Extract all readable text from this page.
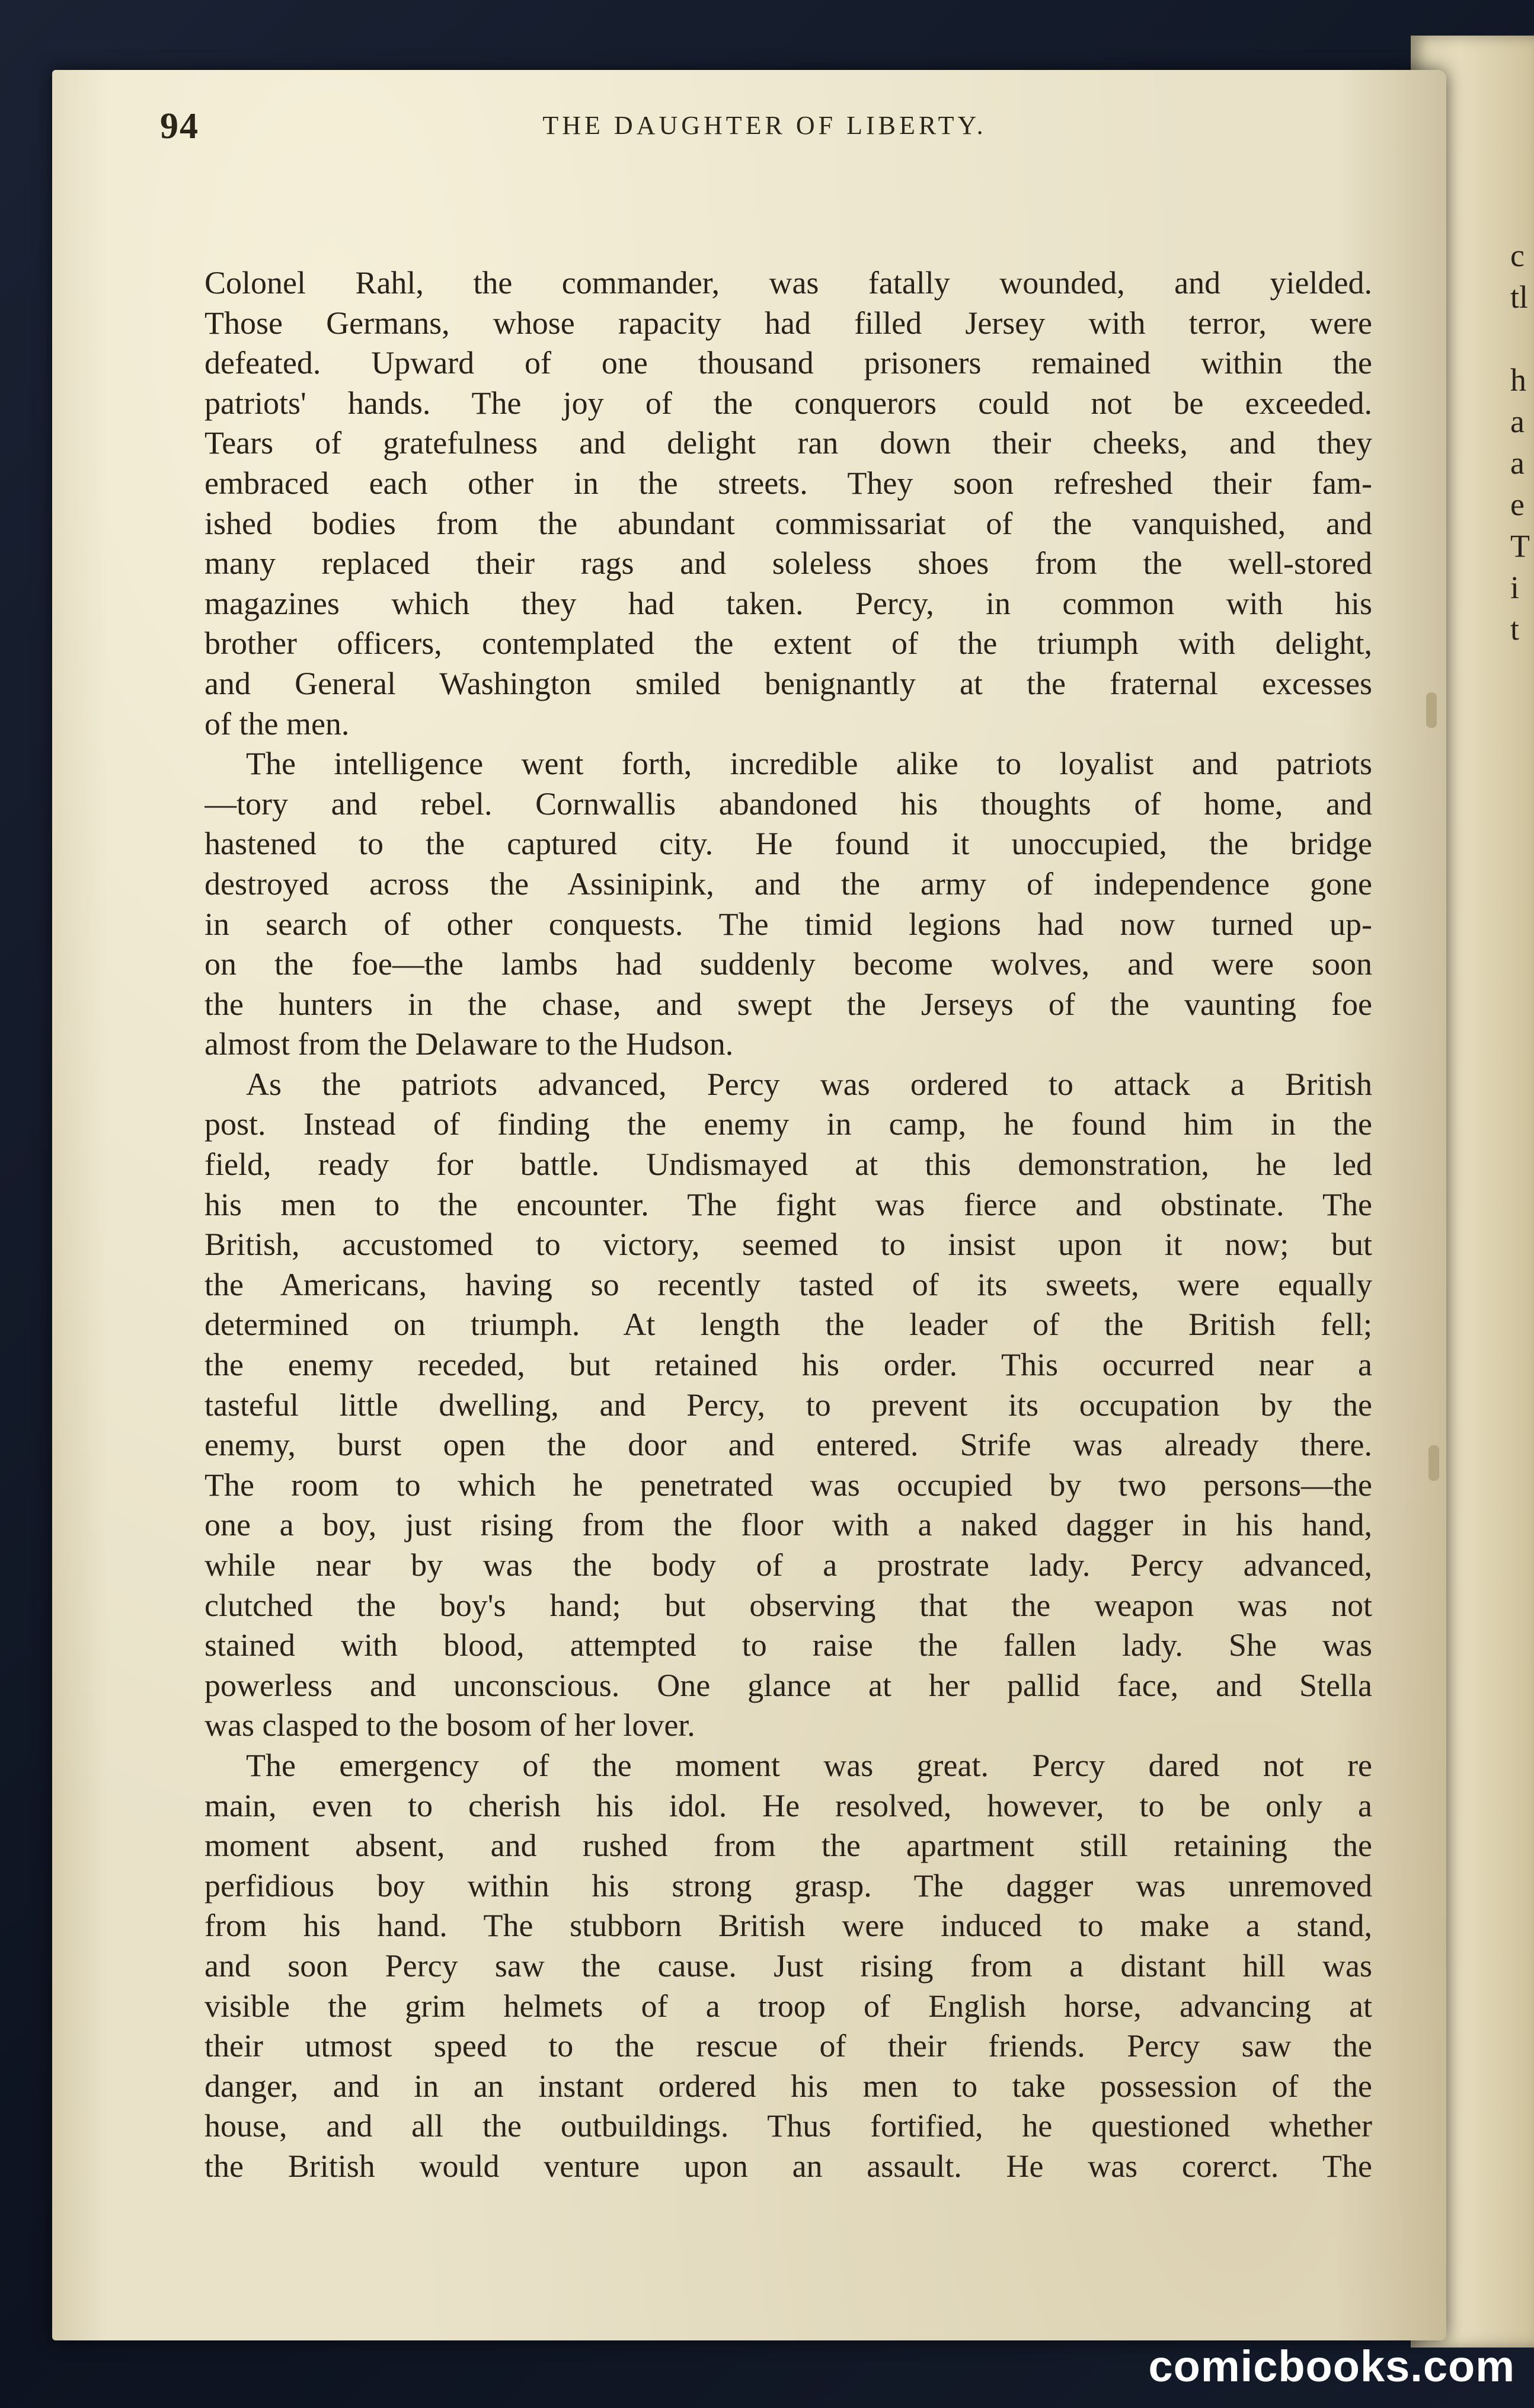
c
tl
h
a
a
e
T
i
t
94	THE DAUGHTER OF LIBERTY.
Colonel Rahl, the commander, was fatally wounded, and yielded.
Those Germans, whose rapacity had filled Jersey with terror, were
defeated. Upward of one thousand prisoners remained within the
patriots' hands. The joy of the conquerors could not be exceeded.
Tears of gratefulness and delight ran down their cheeks, and they
embraced each other in the streets. They soon refreshed their fam-
ished bodies from the abundant commissariat of the vanquished, and
many replaced their rags and soleless shoes from the well-stored
magazines which they had taken. Percy, in common with his
brother officers, contemplated the extent of the triumph with delight,
and General Washington smiled benignantly at the fraternal excesses
of the men.
The intelligence went forth, incredible alike to loyalist and patriots
—tory and rebel. Cornwallis abandoned his thoughts of home, and
hastened to the captured city. He found it unoccupied, the bridge
destroyed across the Assinipink, and the army of independence gone
in search of other conquests. The timid legions had now turned up-
on the foe—the lambs had suddenly become wolves, and were soon
the hunters in the chase, and swept the Jerseys of the vaunting foe
almost from the Delaware to the Hudson.
As the patriots advanced, Percy was ordered to attack a British
post. Instead of finding the enemy in camp, he found him in the
field, ready for battle. Undismayed at this demonstration, he led
his men to the encounter. The fight was fierce and obstinate. The
British, accustomed to victory, seemed to insist upon it now; but
the Americans, having so recently tasted of its sweets, were equally
determined on triumph. At length the leader of the British fell;
the enemy receded, but retained his order. This occurred near a
tasteful little dwelling, and Percy, to prevent its occupation by the
enemy, burst open the door and entered. Strife was already there.
The room to which he penetrated was occupied by two persons—the
one a boy, just rising from the floor with a naked dagger in his hand,
while near by was the body of a prostrate lady. Percy advanced,
clutched the boy's hand; but observing that the weapon was not
stained with blood, attempted to raise the fallen lady. She was
powerless and unconscious. One glance at her pallid face, and Stella
was clasped to the bosom of her lover.
The emergency of the moment was great. Percy dared not re
main, even to cherish his idol. He resolved, however, to be only a
moment absent, and rushed from the apartment still retaining the
perfidious boy within his strong grasp. The dagger was unremoved
from his hand. The stubborn British were induced to make a stand,
and soon Percy saw the cause. Just rising from a distant hill was
visible the grim helmets of a troop of English horse, advancing at
their utmost speed to the rescue of their friends. Percy saw the
danger, and in an instant ordered his men to take possession of the
house, and all the outbuildings. Thus fortified, he questioned whether
the British would venture upon an assault. He was corerct. The
comicbooks.com
